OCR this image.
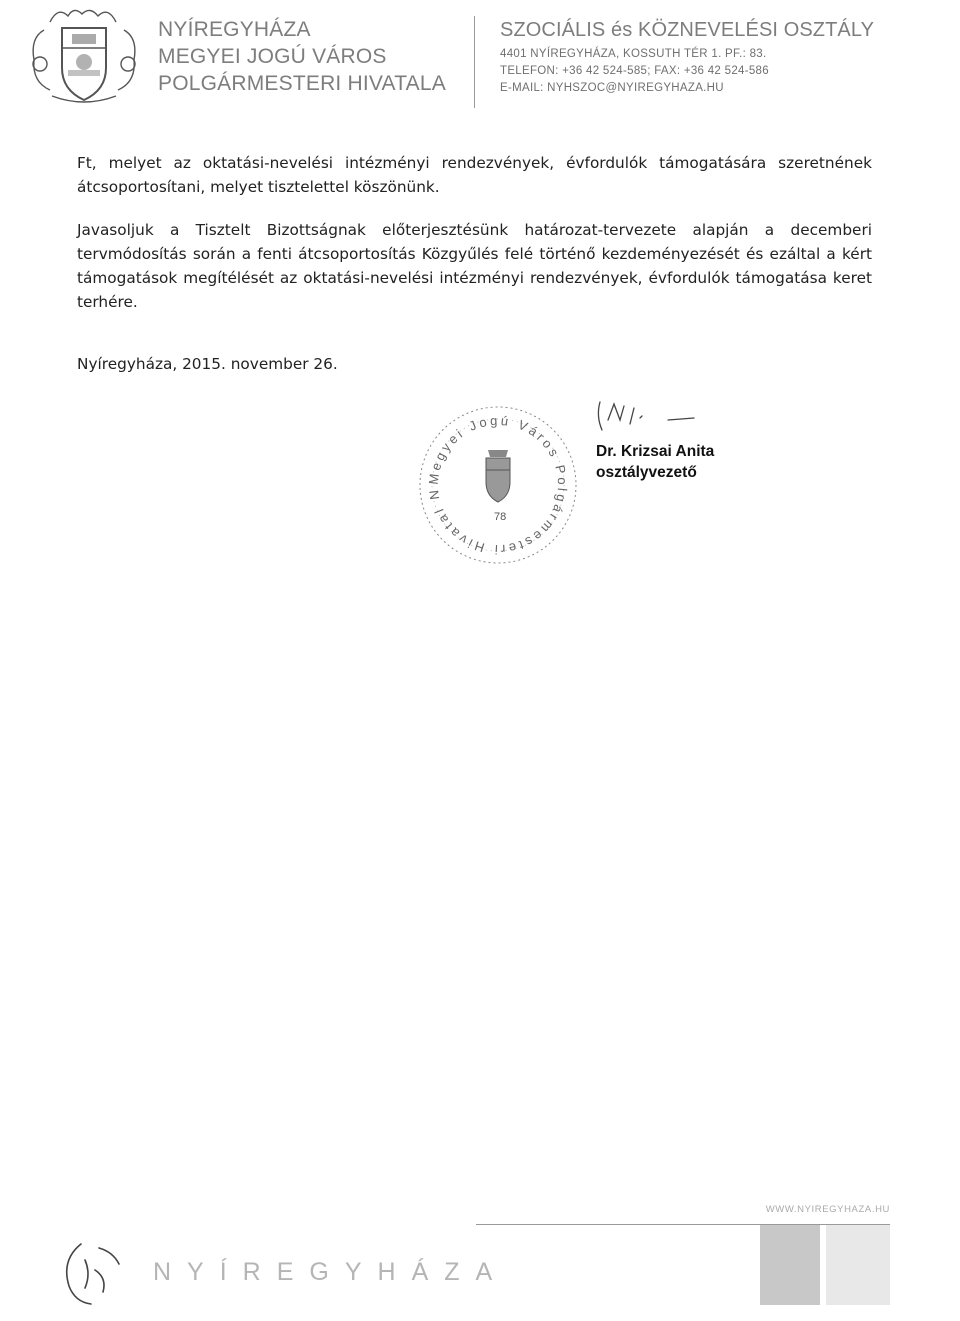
NYÍREGYHÁZA
MEGYEI JOGÚ VÁROS
POLGÁRMESTERI HIVATALA
SZOCIÁLIS és KÖZNEVELÉSI OSZTÁLY
4401 NYÍREGYHÁZA, KOSSUTH TÉR 1. PF.: 83.
TELEFON: +36 42 524-585; FAX: +36 42 524-586
E-MAIL: NYHSZOC@NYIREGYHAZA.HU

Ft, melyet az oktatási-nevelési intézményi rendezvények, évfordulók támogatására szeretnének átcsoportosítani, melyet tisztelettel köszönünk.

Javasoljuk a Tisztelt Bizottságnak előterjesztésünk határozat-tervezete alapján a decemberi tervmódosítás során a fenti átcsoportosítás Közgyűlés felé történő kezdeményezését és ezáltal a kért támogatások megítélését az oktatási-nevelési intézményi rendezvények, évfordulók támogatása keret terhére.

Nyíregyháza, 2015. november 26.
Megyei Jogú Város Polgármesteri Hivatal N
78
Dr. Krizsai Anita
osztályvezető
WWW.NYIREGYHAZA.HU
NYÍREGYHÁZA
